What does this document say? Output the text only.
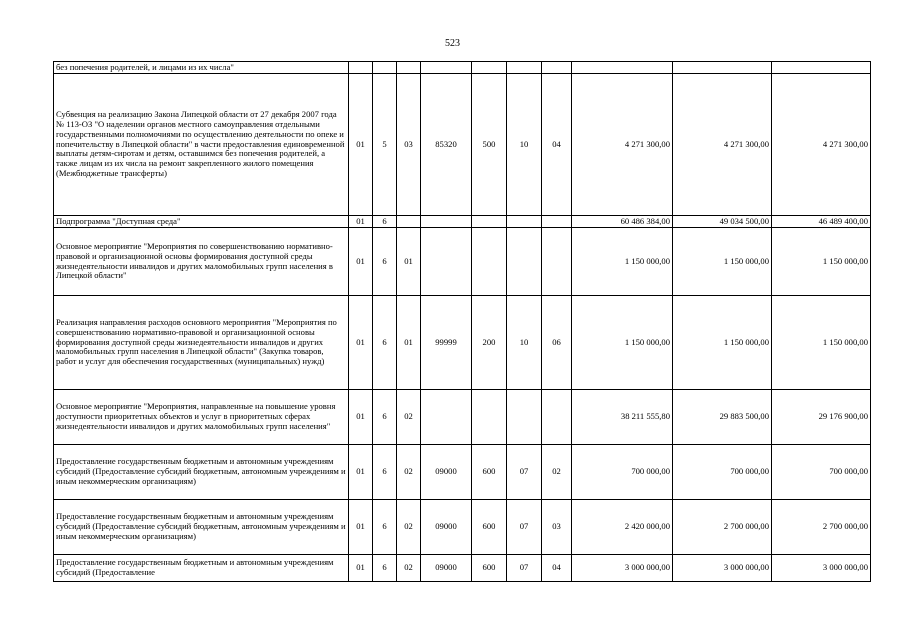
523
без попечения родителей, и лицами из их числа"										
Субвенция на реализацию Закона Липецкой области от 27 декабря 2007 года № 113-ОЗ "О наделении органов местного самоуправления отдельными государственными полномочиями по осуществлению деятельности по опеке и попечительству в Липецкой области" в части предоставления единовременной выплаты детям-сиротам и детям, оставшимся без попечения родителей, а также лицам из их числа на ремонт закрепленного жилого помещения (Межбюджетные трансферты)	01	5	03	85320	500	10	04	4 271 300,00	4 271 300,00	4 271 300,00
Подпрограмма "Доступная среда"	01	6						60 486 384,00	49 034 500,00	46 489 400,00
Основное мероприятие "Мероприятия по совершенствованию нормативно-правовой и организационной основы формирования доступной среды жизнедеятельности инвалидов и других маломобильных групп населения в Липецкой области"	01	6	01					1 150 000,00	1 150 000,00	1 150 000,00
Реализация направления расходов основного мероприятия "Мероприятия по совершенствованию нормативно-правовой и организационной основы формирования доступной среды жизнедеятельности инвалидов и других маломобильных групп населения в Липецкой области" (Закупка товаров, работ и услуг для обеспечения государственных (муниципальных) нужд)	01	6	01	99999	200	10	06	1 150 000,00	1 150 000,00	1 150 000,00
Основное мероприятие "Мероприятия, направленные на повышение уровня доступности приоритетных объектов и услуг в приоритетных сферах жизнедеятельности инвалидов и других маломобильных групп населения"	01	6	02					38 211 555,80	29 883 500,00	29 176 900,00
Предоставление государственным бюджетным и автономным учреждениям субсидий (Предоставление субсидий бюджетным, автономным учреждениям и иным некоммерческим организациям)	01	6	02	09000	600	07	02	700 000,00	700 000,00	700 000,00
Предоставление государственным бюджетным и автономным учреждениям субсидий (Предоставление субсидий бюджетным, автономным учреждениям и иным некоммерческим организациям)	01	6	02	09000	600	07	03	2 420 000,00	2 700 000,00	2 700 000,00
Предоставление государственным бюджетным и автономным учреждениям субсидий (Предоставление	01	6	02	09000	600	07	04	3 000 000,00	3 000 000,00	3 000 000,00
